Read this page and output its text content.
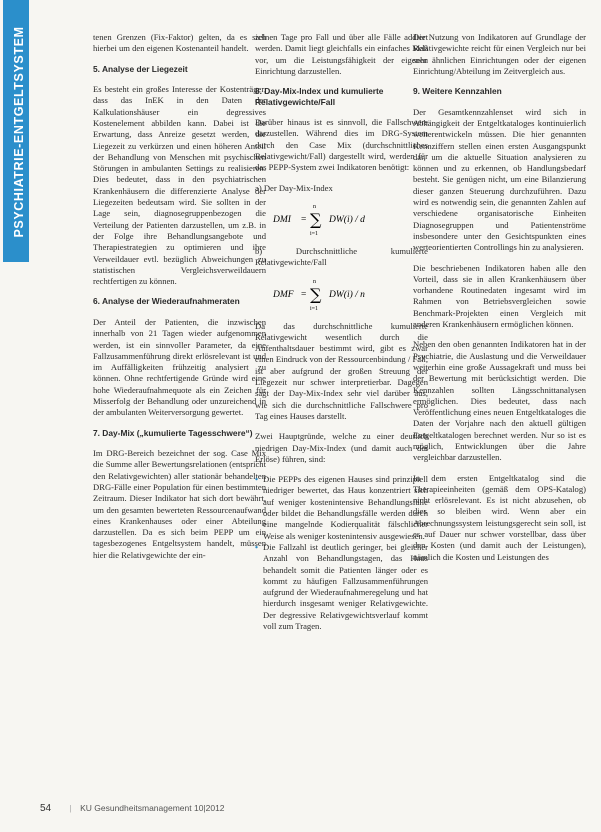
PSYCHIATRIE-ENTGELTSYSTEM	tenen Grenzen (Fix-Faktor) gelten, da es sich hierbei um den eigenen Kostenanteil handelt.

5. Analyse der Liegezeit

Es besteht ein großes Interesse der Kostenträger, dass das InEK in den Daten der Kalkulationshäuser ein degressives Kostenelement abbilden kann. Dabei ist die Erwartung, dass Anreize gesetzt werden, die Liegezeit zu verkürzen und einen höheren Anteil der Behandlung von Menschen mit psychischen Störungen in ambulanten Settings zu realisieren. Dies bedeutet, dass in den psychiatrischen Krankenhäusern die differenzierte Analyse der Liegezeiten bedeutsam wird. Sie sollten in der Lage sein, diagnosegruppenbezogen die Verteilung der Patienten darzustellen, um z.B. in der Folge ihre Behandlungsangebote und Therapiestrategien zu optimieren und ihre Verweildauer evtl. bezüglich Abweichungen zu statistischen Vergleichsverweildauern rechtfertigen zu können.

6. Analyse der Wiederaufnahmeraten

Der Anteil der Patienten, die inzwischen innerhalb von 21 Tagen wieder aufgenommen werden, ist ein sinnvoller Parameter, da eine Fallzusammenführung direkt erlösrelevant ist und im Auffälligkeiten frühzeitig analysiert zu können. Ohne rechtfertigende Gründe wird eine hohe Wiederaufnahmequote als ein Zeichen für Misserfolg der Behandlung oder unzureichend in der ambulanten Weiterversorgung gewertet.

7. Day-Mix („kumulierte Tagesschwere“)

Im DRG-Bereich bezeichnet der sog. Case Mix die Summe aller Bewertungsrelationen (entspricht den Relativgewichten) aller stationär behandelten DRG-Fälle einer Population für einen bestimmten Zeitraum. Dieser Indikator hat sich dort bewährt, um den gesamten bewerteten Ressourcenaufwand eines Krankenhauses oder einer Abteilung darzustellen. Da es sich beim PEPP um ein tagesbezogenes Entgeltsystem handelt, müssen hier die Relativgewichte der ein-

zelnen Tage pro Fall und über alle Fälle addiert werden. Damit liegt gleichfalls ein einfaches Maß vor, um die Leistungsfähigkeit der eigenen Einrichtung darzustellen.

8. Day-Mix-Index und kumulierte Relativgewichte/Fall

Darüber hinaus ist es sinnvoll, die Fallschwere darzustellen. Während dies im DRG-System durch den Case Mix (durchschnittliches Relativgewicht/Fall) dargestellt wird, werden für das PEPP-System zwei Indikatoren benötigt:

a) Der Day-Mix-Index

DMI =
n
∑
i=1
DW(i) / d

b) Durchschnittliche kumulierte Relativgewichte/Fall

DMF =
n
∑
i=1
DW(i) / n

Da das durchschnittliche kumulierte Relativgewicht wesentlich durch die Aufenthaltsdauer bestimmt wird, gibt es zwar einen Eindruck von der Ressourcenbindung / Fall, ist aber aufgrund der großen Streuung der Liegezeit nur schwer interpretierbar. Dagegen sagt der Day-Mix-Index sehr viel darüber aus, wie sich die durchschnittliche Fallschwere pro Tag eines Hauses darstellt.

Zwei Hauptgründe, welche zu einer deutlich niedrigen Day-Mix-Index (und damit auch der Erlöse) führen, sind:

• Die PEPPs des eigenen Hauses sind prinzipiell niedriger bewertet, das Haus konzentriert sich auf weniger kostenintensive Behandlungsfälle oder bildet die Behandlungsfälle werden durch eine mangelnde Kodierqualität fälschlicher Weise als weniger kostenintensiv ausgewiesen.
• Die Fallzahl ist deutlich geringer, bei gleicher Anzahl von Behandlungstagen, das Haus behandelt somit die Patienten länger oder es kommt zu häufigen Fallzusammenführungen aufgrund der Wiederaufnahmeregelung und hat hierdurch insgesamt weniger Relativgewichte. Der degressive Relativgewichtsverlauf kommt voll zum Tragen.

Die Nutzung von Indikatoren auf Grundlage der Relativgewichte reicht für einen Vergleich nur bei sehr ähnlichen Einrichtungen oder der eigenen Einrichtung/Abteilung im Zeitvergleich aus.

9. Weitere Kennzahlen

Der Gesamtkennzahlenset wird sich in Abhängigkeit der Entgeltkataloges kontinuierlich weiterentwickeln müssen. Die hier genannten Kennziffern stellen einen ersten Ausgangspunkt dar, um die aktuelle Situation analysieren zu können und zu erkennen, ob Handlungsbedarf besteht. Sie genügen nicht, um eine Bilanzierung dieser ganzen Steuerung durchzuführen. Dazu wird es notwendig sein, die genannten Zahlen auf verschiedene organisatorische Einheiten Diagnosegruppen und Patientenströme insbesondere unter den Gesichtspunkten eines werteorientierten Controllings hin zu analysieren.

Die beschriebenen Indikatoren haben alle den Vorteil, dass sie in allen Krankenhäusern über vorhandene Routinedaten ingesamt wird im Rahmen von Betriebsvergleichen sowie Benchmark-Projekten einen Vergleich mit anderen Krankenhäusern ermöglichen können.

Neben den oben genannten Indikatoren hat in der Psychiatrie, die Auslastung und die Verweildauer weiterhin eine große Aussagekraft und muss bei der Bewertung mit berücksichtigt werden. Die Kennzahlen sollten Längsschnittanalysen ermöglichen. Dies bedeutet, dass nach Veröffentlichung eines neuen Entgeltkataloges die Daten der Vorjahre nach den aktuell gültigen Entgeltkatalogen berechnet werden. Nur so ist es möglich, Entwicklungen über die Jahre vergleichbar darzustellen.

In dem ersten Entgeltkatalog sind die Therapieeinheiten (gemäß dem OPS-Katalog) nicht erlösrelevant. Es ist nicht abzusehen, ob dies so bleiben wird. Wenn aber ein Abrechnungssystem leistungsgerecht sein soll, ist es auf Dauer nur schwer vorstellbar, dass über den Kosten (und damit auch der Leistungen), nämlich die Kosten und Leistungen des

54 | KU Gesundheitsmanagement 10|2012
